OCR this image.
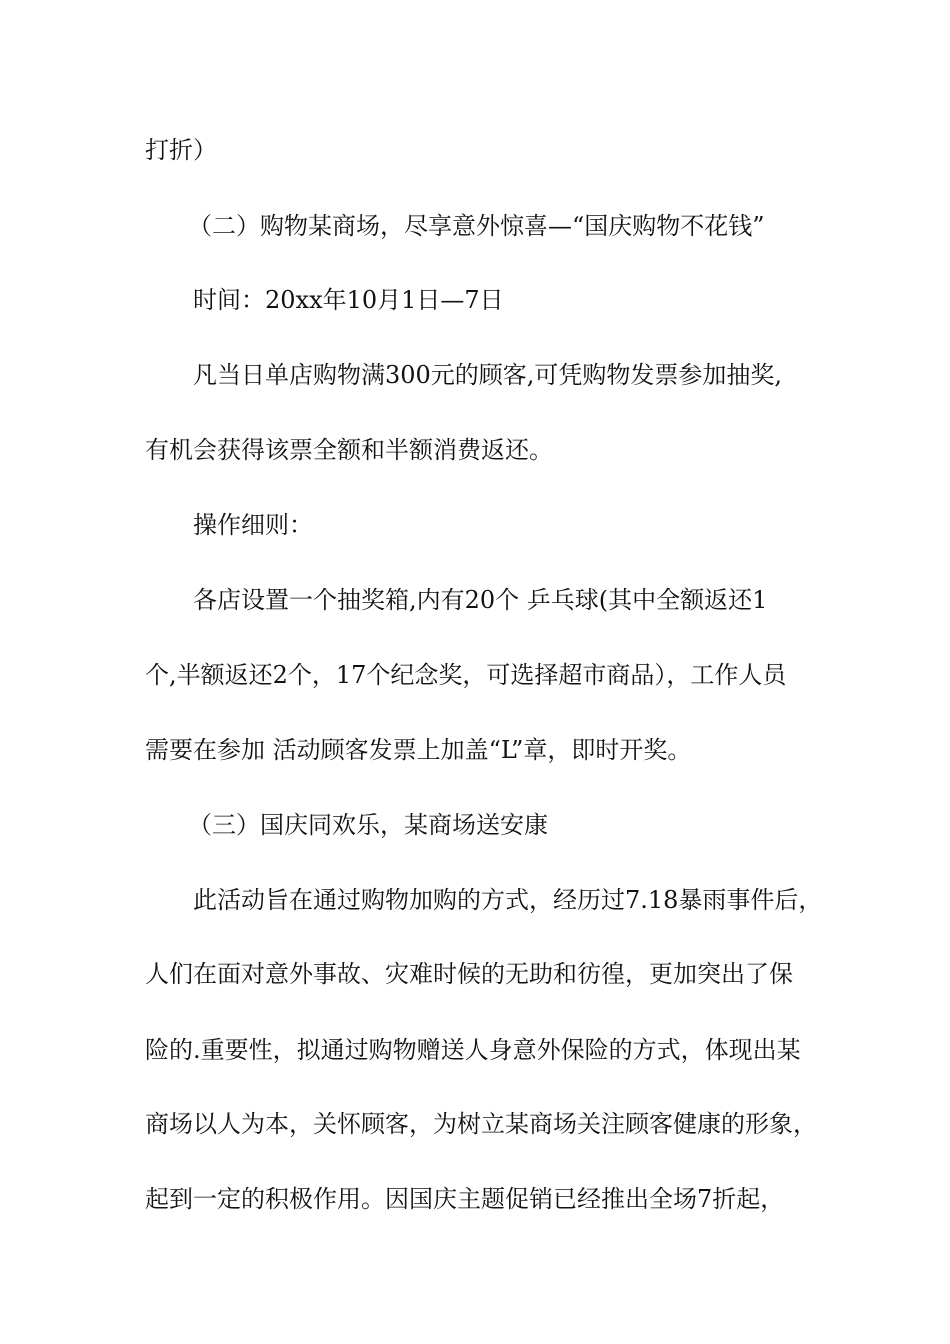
打折）
（二）购物某商场，尽享意外惊喜—“国庆购物不花钱”
时间：20xx年10月1日—7日
凡当日单店购物满300元的顾客,可凭购物发票参加抽奖,
有机会获得该票全额和半额消费返还。
操作细则：
各店设置一个抽奖箱,内有20个 乒乓球(其中全额返还1
个,半额返还2个，17个纪念奖，可选择超市商品），工作人员
需要在参加 活动顾客发票上加盖“L”章，即时开奖。
（三）国庆同欢乐，某商场送安康
此活动旨在通过购物加购的方式，经历过7.18暴雨事件后，
人们在面对意外事故、灾难时候的无助和彷徨，更加突出了保
险的.重要性，拟通过购物赠送人身意外保险的方式，体现出某
商场以人为本，关怀顾客，为树立某商场关注顾客健康的形象，
起到一定的积极作用。因国庆主题促销已经推出全场7折起，
